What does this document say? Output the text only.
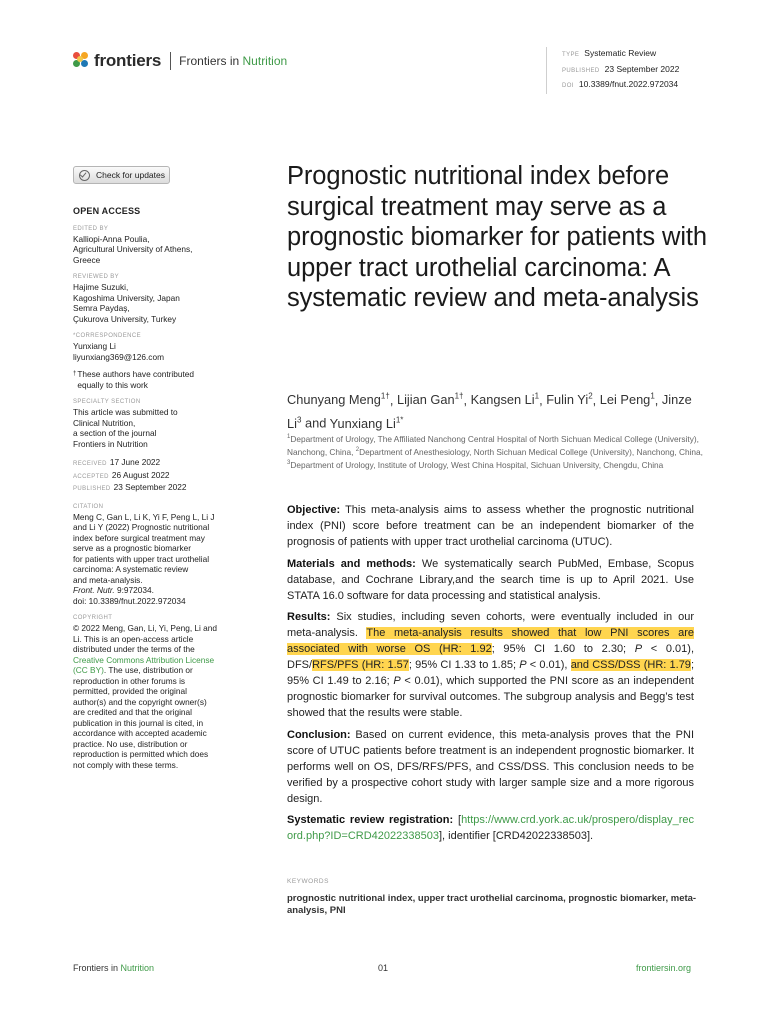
frontiers Frontiers in Nutrition	TYPE Systematic Review
PUBLISHED 23 September 2022
DOI 10.3389/fnut.2022.972034
Check for updates
OPEN ACCESS
EDITED BY
Kalliopi-Anna Poulia,
Agricultural University of Athens,
Greece
REVIEWED BY
Hajime Suzuki,
Kagoshima University, Japan
Semra Paydaş,
Çukurova University, Turkey
*CORRESPONDENCE
Yunxiang Li
liyunxiang369@126.com
† These authors have contributed
equally to this work
SPECIALTY SECTION
This article was submitted to
Clinical Nutrition,
a section of the journal
Frontiers in Nutrition
RECEIVED 17 June 2022
ACCEPTED 26 August 2022
PUBLISHED 23 September 2022
CITATION
Meng C, Gan L, Li K, Yi F, Peng L, Li J
and Li Y (2022) Prognostic nutritional
index before surgical treatment may
serve as a prognostic biomarker
for patients with upper tract urothelial
carcinoma: A systematic review
and meta-analysis.
Front. Nutr. 9:972034.
doi: 10.3389/fnut.2022.972034
COPYRIGHT
© 2022 Meng, Gan, Li, Yi, Peng, Li and
Li. This is an open-access article
distributed under the terms of the
Creative Commons Attribution License
(CC BY). The use, distribution or
reproduction in other forums is
permitted, provided the original
author(s) and the copyright owner(s)
are credited and that the original
publication in this journal is cited, in
accordance with accepted academic
practice. No use, distribution or
reproduction is permitted which does
not comply with these terms.
Prognostic nutritional index before surgical treatment may serve as a prognostic biomarker for patients with upper tract urothelial carcinoma: A systematic review and meta-analysis
Chunyang Meng$^{1\dagger}$, Lijian Gan$^{1\dagger}$, Kangsen Li$^1$, Fulin Yi$^2$, Lei Peng$^1$, Jinze Li$^3$ and Yunxiang $Li^{1*}$
$^1$Department of Urology, The Affiliated Nanchong Central Hospital of North Sichuan Medical College (University), Nanchong, China, $^2$Department of Anesthesiology, North Sichuan Medical College (University), Nanchong, China, $^3$Department of Urology, Institute of Urology, West China Hospital, Sichuan University, Chengdu, China

Objective: This meta-analysis aims to assess whether the prognostic nutritional index (PNI) score before treatment can be an independent biomarker of the prognosis of patients with upper tract urothelial carcinoma (UTUC).

Materials and methods: We systematically search PubMed, Embase, Scopus database, and Cochrane Library,and the search time is up to April 2021. Use STATA 16.0 software for data processing and statistical analysis.

Results: Six studies, including seven cohorts, were eventually included in our meta-analysis. The meta-analysis results showed that low PNI scores are associated with worse OS (HR: 1.92; 95% CI 1.60 to 2.30; P < 0.01), DFS/RFS/PFS (HR: 1.57; 95% CI 1.33 to 1.85; P < 0.01), and CSS/DSS (HR: 1.79; 95% CI 1.49 to 2.16; P < 0.01), which supported the PNI score as an independent prognostic biomarker for survival outcomes. The subgroup analysis and Begg’s test showed that the results were stable.

Conclusion: Based on current evidence, this meta-analysis proves that the PNI score of UTUC patients before treatment is an independent prognostic biomarker. It performs well on OS, DFS/RFS/PFS, and CSS/DSS. This conclusion needs to be verified by a prospective cohort study with larger sample size and a more rigorous design.

Systematic review registration: [https://www.crd.york.ac.uk/prospero/display_record.php?ID=CRD42022338503], identifier [CRD42022338503].

KEYWORDS
prognostic nutritional index, upper tract urothelial carcinoma, prognostic biomarker, meta-analysis, PNI
Frontiers in Nutrition	01	frontiersin.org
